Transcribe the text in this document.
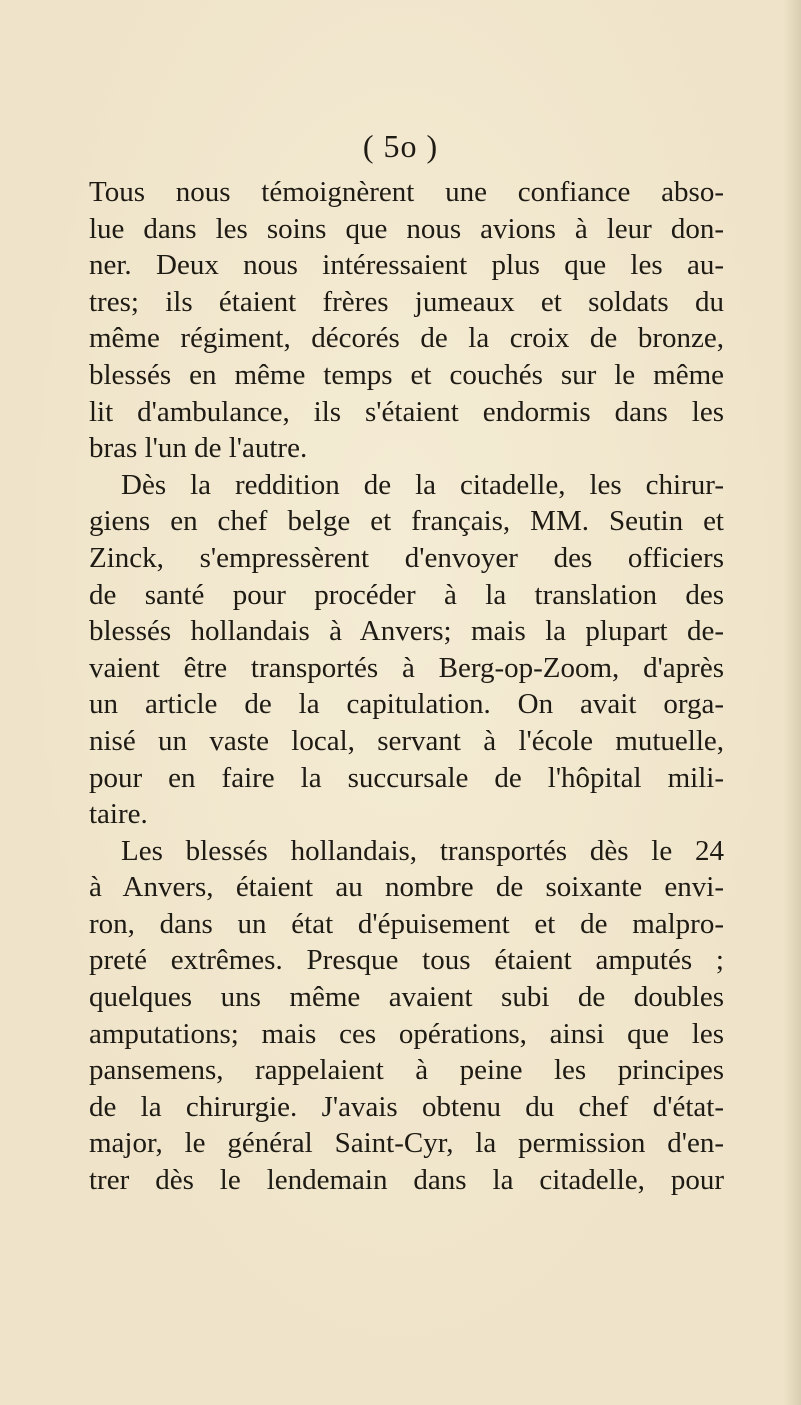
( 5o )
Tous nous témoignèrent une confiance abso-
lue dans les soins que nous avions à leur don-
ner. Deux nous intéressaient plus que les au-
tres; ils étaient frères jumeaux et soldats du
même régiment, décorés de la croix de bronze,
blessés en même temps et couchés sur le même
lit d'ambulance, ils s'étaient endormis dans les
bras l'un de l'autre.
Dès la reddition de la citadelle, les chirur-
giens en chef belge et français, MM. Seutin et
Zinck, s'empressèrent d'envoyer des officiers
de santé pour procéder à la translation des
blessés hollandais à Anvers; mais la plupart de-
vaient être transportés à Berg-op-Zoom, d'après
un article de la capitulation. On avait orga-
nisé un vaste local, servant à l'école mutuelle,
pour en faire la succursale de l'hôpital mili-
taire.
Les blessés hollandais, transportés dès le 24
à Anvers, étaient au nombre de soixante envi-
ron, dans un état d'épuisement et de malpro-
preté extrêmes. Presque tous étaient amputés ;
quelques uns même avaient subi de doubles
amputations; mais ces opérations, ainsi que les
pansemens, rappelaient à peine les principes
de la chirurgie. J'avais obtenu du chef d'état-
major, le général Saint-Cyr, la permission d'en-
trer dès le lendemain dans la citadelle, pour
